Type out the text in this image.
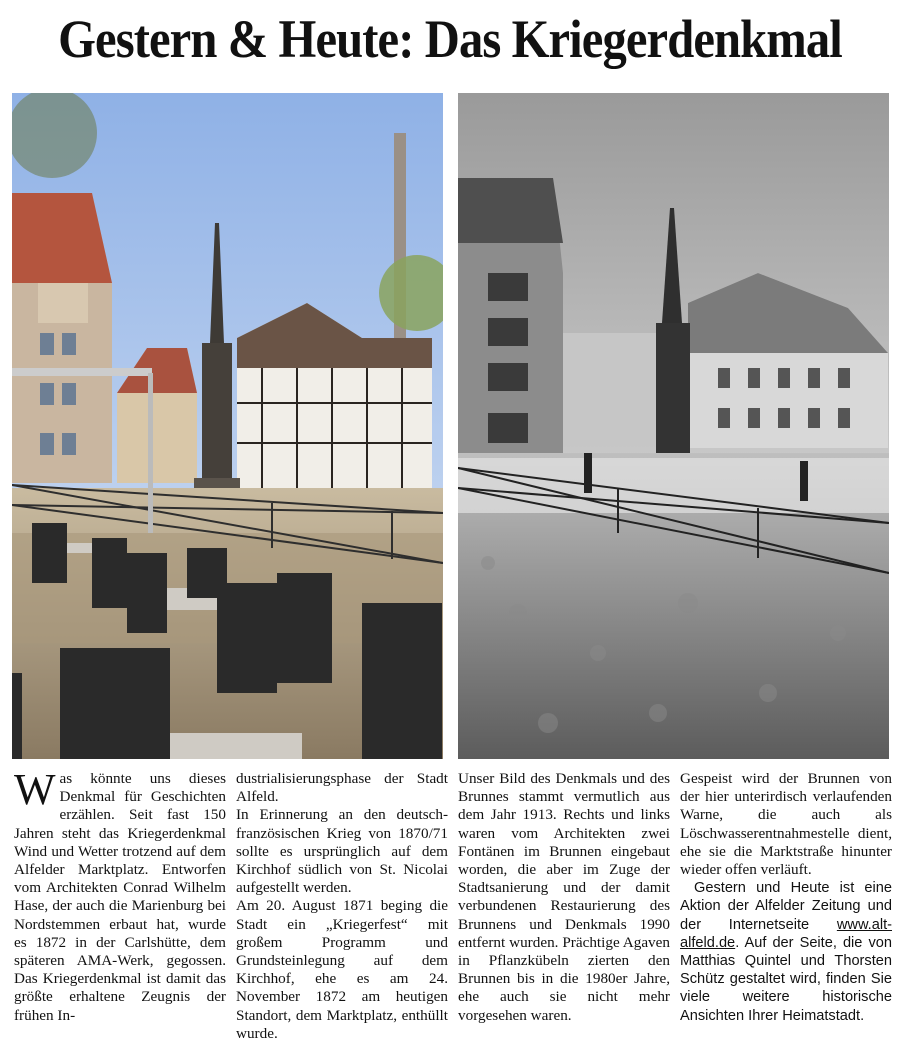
Gestern & Heute: Das Kriegerdenkmal

Was könnte uns dieses Denkmal für Geschichten erzählen. Seit fast 150 Jahren steht das Kriegerdenkmal Wind und Wetter trotzend auf dem Alfelder Marktplatz. Entworfen vom Architekten Conrad Wilhelm Hase, der auch die Marienburg bei Nordstemmen erbaut hat, wurde es 1872 in der Carlshütte, dem späteren AMA-Werk, gegossen. Das Kriegerdenkmal ist damit das größte erhaltene Zeugnis der frühen In-

dustrialisierungsphase der Stadt Alfeld.

In Erinnerung an den deutsch-französischen Krieg von 1870/71 sollte es ursprünglich auf dem Kirchhof südlich von St. Nicolai aufgestellt werden.

Am 20. August 1871 beging die Stadt ein „Kriegerfest“ mit großem Programm und Grundsteinlegung auf dem Kirchhof, ehe es am 24. November 1872 am heutigen Standort, dem Marktplatz, enthüllt wurde.

Unser Bild des Denkmals und des Brunnes stammt vermutlich aus dem Jahr 1913. Rechts und links waren vom Architekten zwei Fontänen im Brunnen eingebaut worden, die aber im Zuge der Stadtsanierung und der damit verbundenen Restaurierung des Brunnens und Denkmals 1990 entfernt wurden. Prächtige Agaven in Pflanzkübeln zierten den Brunnen bis in die 1980er Jahre, ehe auch sie nicht mehr vorgesehen waren.

Gespeist wird der Brunnen von der hier unterirdisch verlaufenden Warne, die auch als Löschwasserentnahmestelle dient, ehe sie die Marktstraße hinunter wieder offen verläuft.

Gestern und Heute ist eine Aktion der Alfelder Zeitung und der Internetseite www.alt-alfeld.de. Auf der Seite, die von Matthias Quintel und Thorsten Schütz gestaltet wird, finden Sie viele weitere historische Ansichten Ihrer Heimatstadt.
